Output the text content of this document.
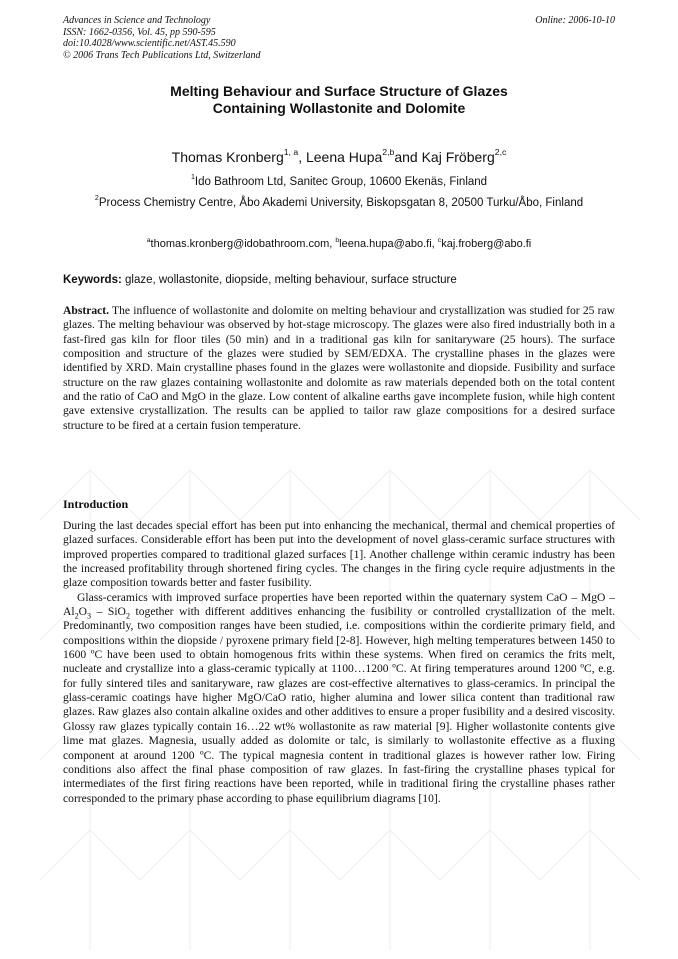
Advances in Science and Technology
ISSN: 1662-0356, Vol. 45, pp 590-595
doi:10.4028/www.scientific.net/AST.45.590
© 2006 Trans Tech Publications Ltd, Switzerland
Online: 2006-10-10
Melting Behaviour and Surface Structure of Glazes
Containing Wollastonite and Dolomite
Thomas Kronberg$^{1, a}$, Leena Hupa$^{2,b}$and Kaj Fröberg$^{2,c}$
$^1$Ido Bathroom Ltd, Sanitec Group, 10600 Ekenäs, Finland
$^2$Process Chemistry Centre, Åbo Akademi University, Biskopsgatan 8, 20500 Turku/Åbo, Finland
$^a$thomas.kronberg@idobathroom.com, $^b$leena.hupa@abo.fi, $^c$kaj.froberg@abo.fi
Keywords: glaze, wollastonite, diopside, melting behaviour, surface structure
Abstract. The influence of wollastonite and dolomite on melting behaviour and crystallization was studied for 25 raw glazes. The melting behaviour was observed by hot-stage microscopy. The glazes were also fired industrially both in a fast-fired gas kiln for floor tiles (50 min) and in a traditional gas kiln for sanitaryware (25 hours). The surface composition and structure of the glazes were studied by SEM/EDXA. The crystalline phases in the glazes were identified by XRD. Main crystalline phases found in the glazes were wollastonite and diopside. Fusibility and surface structure on the raw glazes containing wollastonite and dolomite as raw materials depended both on the total content and the ratio of CaO and MgO in the glaze. Low content of alkaline earths gave incomplete fusion, while high content gave extensive crystallization. The results can be applied to tailor raw glaze compositions for a desired surface structure to be fired at a certain fusion temperature.
Introduction

During the last decades special effort has been put into enhancing the mechanical, thermal and chemical properties of glazed surfaces. Considerable effort has been put into the development of novel glass-ceramic surface structures with improved properties compared to traditional glazed surfaces [1]. Another challenge within ceramic industry has been the increased profitability through shortened firing cycles. The changes in the firing cycle require adjustments in the glaze composition towards better and faster fusibility.

Glass-ceramics with improved surface properties have been reported within the quaternary system CaO – MgO – $Al_2O_3 - SiO_2$ together with different additives enhancing the fusibility or controlled crystallization of the melt. Predominantly, two composition ranges have been studied, i.e. compositions within the cordierite primary field, and compositions within the diopside / pyroxene primary field [2-8]. However, high melting temperatures between 1450 to 1600 ºC have been used to obtain homogenous frits within these systems. When fired on ceramics the frits melt, nucleate and crystallize into a glass-ceramic typically at 1100…1200 ºC. At firing temperatures around 1200 ºC, e.g. for fully sintered tiles and sanitaryware, raw glazes are cost-effective alternatives to glass-ceramics. In principal the glass-ceramic coatings have higher MgO/CaO ratio, higher alumina and lower silica content than traditional raw glazes. Raw glazes also contain alkaline oxides and other additives to ensure a proper fusibility and a desired viscosity. Glossy raw glazes typically contain 16…22 wt% wollastonite as raw material [9]. Higher wollastonite contents give lime mat glazes. Magnesia, usually added as dolomite or talc, is similarly to wollastonite effective as a fluxing component at around 1200 ºC. The typical magnesia content in traditional glazes is however rather low. Firing conditions also affect the final phase composition of raw glazes. In fast-firing the crystalline phases typical for intermediates of the first firing reactions have been reported, while in traditional firing the crystalline phases rather corresponded to the primary phase according to phase equilibrium diagrams [10].
